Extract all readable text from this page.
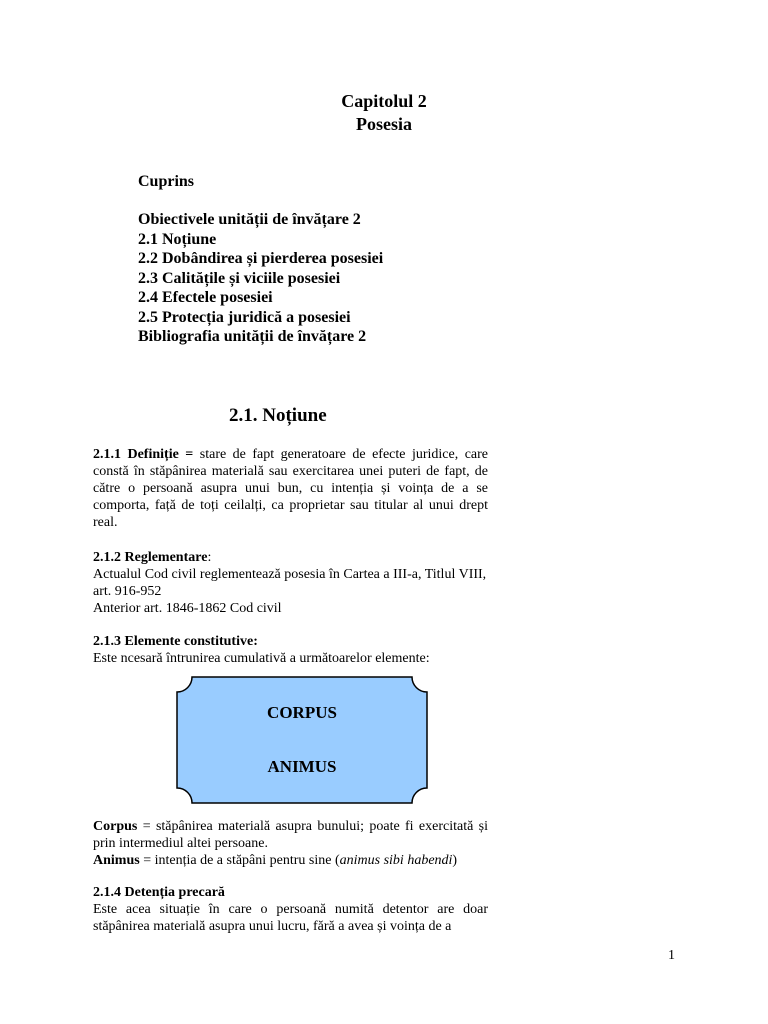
Capitolul 2
Posesia
Cuprins
Obiectivele unității de învățare 2
2.1 Noțiune
2.2 Dobândirea și pierderea posesiei
2.3 Calitățile și viciile posesiei
2.4 Efectele posesiei
2.5 Protecția juridică a posesiei
Bibliografia unității de învățare 2
2.1. Noțiune

2.1.1 Definiție = stare de fapt generatoare de efecte juridice, care constă în stăpânirea materială sau exercitarea unei puteri de fapt, de către o persoană asupra unui bun, cu intenția și voința de a se comporta, față de toți ceilalți, ca proprietar sau titular al unui drept real.

2.1.2 Reglementare:

Actualul Cod civil reglementează posesia în Cartea a III-a, Titlul VIII, art. 916-952

Anterior art. 1846-1862 Cod civil

2.1.3 Elemente constitutive:

Este ncesară întrunirea cumulativă a următoarelor elemente:

CORPUS
ANIMUS

Corpus = stăpânirea materială asupra bunului; poate fi exercitată și prin intermediul altei persoane.

Animus = intenția de a stăpâni pentru sine (animus sibi habendi)

2.1.4 Detenția precară

Este acea situație în care o persoană numită detentor are doar stăpânirea materială asupra unui lucru, fără a avea și voința de a

1
